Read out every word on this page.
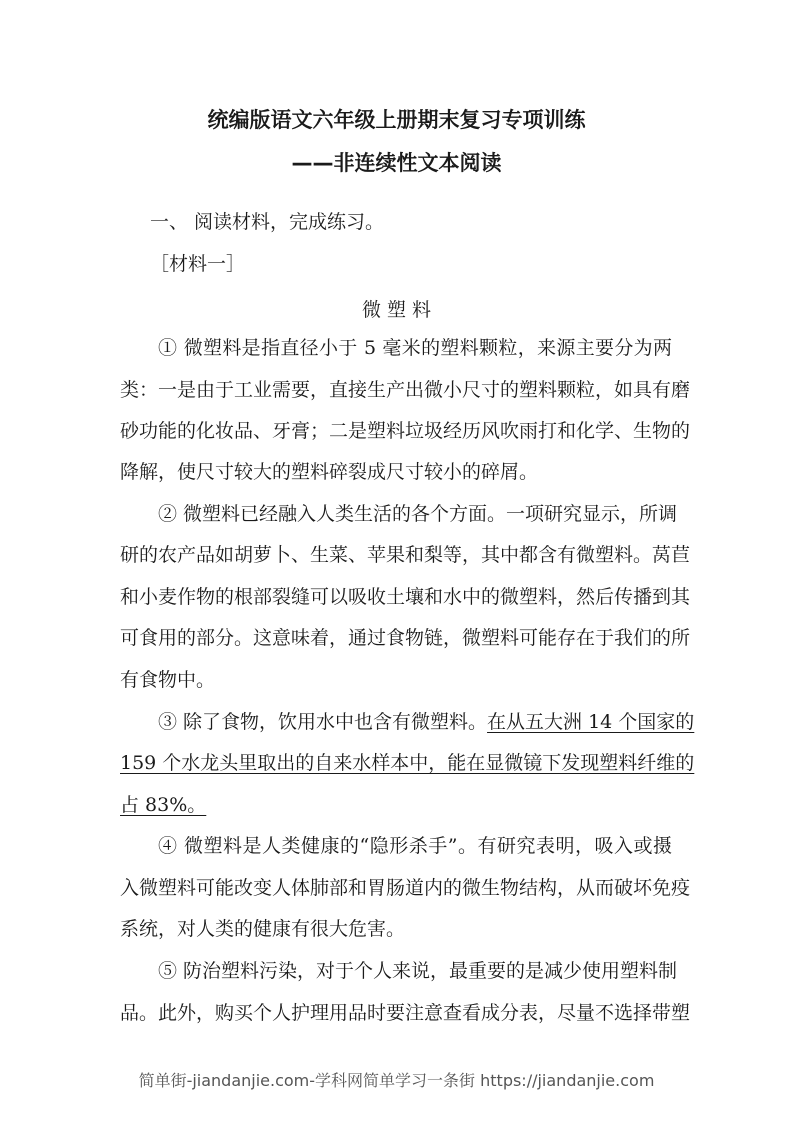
统编版语文六年级上册期末复习专项训练
——非连续性文本阅读
一、 阅读材料，完成练习。
［材料一］
微 塑 料
① 微塑料是指直径小于 5 毫米的塑料颗粒，来源主要分为两
类：一是由于工业需要，直接生产出微小尺寸的塑料颗粒，如具有磨
砂功能的化妆品、牙膏；二是塑料垃圾经历风吹雨打和化学、生物的
降解，使尺寸较大的塑料碎裂成尺寸较小的碎屑。
② 微塑料已经融入人类生活的各个方面。一项研究显示，所调
研的农产品如胡萝卜、生菜、苹果和梨等，其中都含有微塑料。莴苣
和小麦作物的根部裂缝可以吸收土壤和水中的微塑料，然后传播到其
可食用的部分。这意味着，通过食物链，微塑料可能存在于我们的所
有食物中。
③ 除了食物，饮用水中也含有微塑料。在从五大洲 14 个国家的
159 个水龙头里取出的自来水样本中，能在显微镜下发现塑料纤维的
占 83%。
④ 微塑料是人类健康的“隐形杀手”。有研究表明，吸入或摄
入微塑料可能改变人体肺部和胃肠道内的微生物结构，从而破坏免疫
系统，对人类的健康有很大危害。
⑤ 防治塑料污染，对于个人来说，最重要的是减少使用塑料制
品。此外，购买个人护理用品时要注意查看成分表，尽量不选择带塑
简单街-jiandanjie.com-学科网简单学习一条街 https://jiandanjie.com
